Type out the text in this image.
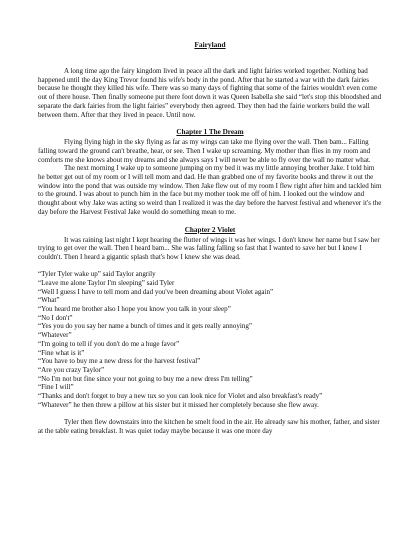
Fairyland

A long time ago the fairy kingdom lived in peace all the dark and light fairies worked together. Nothing bad happened until the day King Trevor found his wife's body in the pond. After that he started a war with the dark fairies because he thought they killed his wife. There was so many days of fighting that some of the fairies wouldn't even come out of there house. Then finally someone put there foot down it was Queen Isabella she said “let's stop this bloodshed and separate the dark fairies from the light fairies” everybody then agreed. They then had the fairie workers build the wall between them. After that they lived in peace. Until now.

Chapter 1 The Dream

Flying flying high in the sky flying as far as my wings can take me flying over the wall. Then bam... Falling falling toward the ground can't breathe, hear, or see. Then I wake up screaming. My mother than flies in my room and comforts me she knows about my dreams and she always says I will never be able to fly over the wall no matter what.

The next morning I wake up to someone jumping on my bed it was my little annoying brother Jake. I told him he better get out of my room or I will tell mom and dad. He than grabbed one of my favorite books and threw it out the window into the pond that was outside my window. Then Jake flew out of my room I flew right after him and tackled him to the ground. I was about to punch him in the face but my mother took me off of him. I looked out the window and thought about why Jake was acting so weird than I realized it was the day before the harvest festival and whenever it's the day before the Harvest Festival Jake would do something mean to me.

Chapter 2 Violet

It was raining last night I kept hearing the flutter of wings it was her wings. I don't know her name but I saw her trying to get over the wall. Then I heard bam... She was falling falling so fast that I wanted to save her but I knew I couldn't. Then I heard a gigantic splash that's how I knew she was dead.

“Tyler Tyler wake up” said Taylor angrily

“Leave me alone Taylor I'm sleeping” said Tyler

“Well I guess I have to tell mom and dad you've been dreaming about Violet again”

“What”

“You heard me brother also I hope you know you talk in your sleep”

“No I don't”

“Yes you do you say her name a bunch of times and it gets really annoying”

“Whatever”

“I'm going to tell if you don't do me a huge favor”

“Fine what is it”

“You have to buy me a new dress for the harvest festival”

“Are you crazy Taylor”

“No I'm not but fine since your not going to buy me a new dress I'm telling”

“Fine I will”

“Thanks and don't forget to buy a new tux so you can look nice for Violet and also breakfast's ready”

“Whatever” he then threw a pillow at his sister but it missed her completely because she flew away.

Tyler then flew downstairs into the kitchen he smelt food in the air. He already saw his mother, father, and sister at the table eating breakfast. It was quiet today maybe because it was one more day
